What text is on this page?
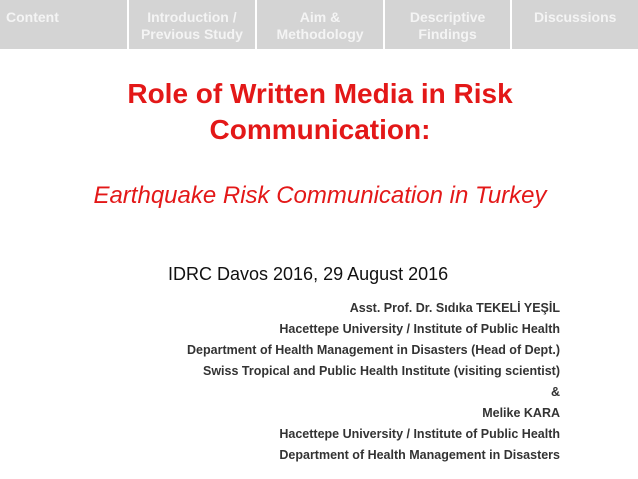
Content	Introduction /
Previous Study
Aim &
Methodology
Descriptive
Findings
Discussions
Role of Written Media in Risk Communication:
Earthquake Risk Communication in Turkey
IDRC Davos 2016, 29 August 2016
Asst. Prof. Dr. Sıdıka TEKELİ YEŞİL
Hacettepe University / Institute of Public Health
Department of Health Management in Disasters (Head of Dept.)
Swiss Tropical and Public Health Institute (visiting scientist)
&
Melike KARA
Hacettepe University / Institute of Public Health
Department of Health Management in Disasters
